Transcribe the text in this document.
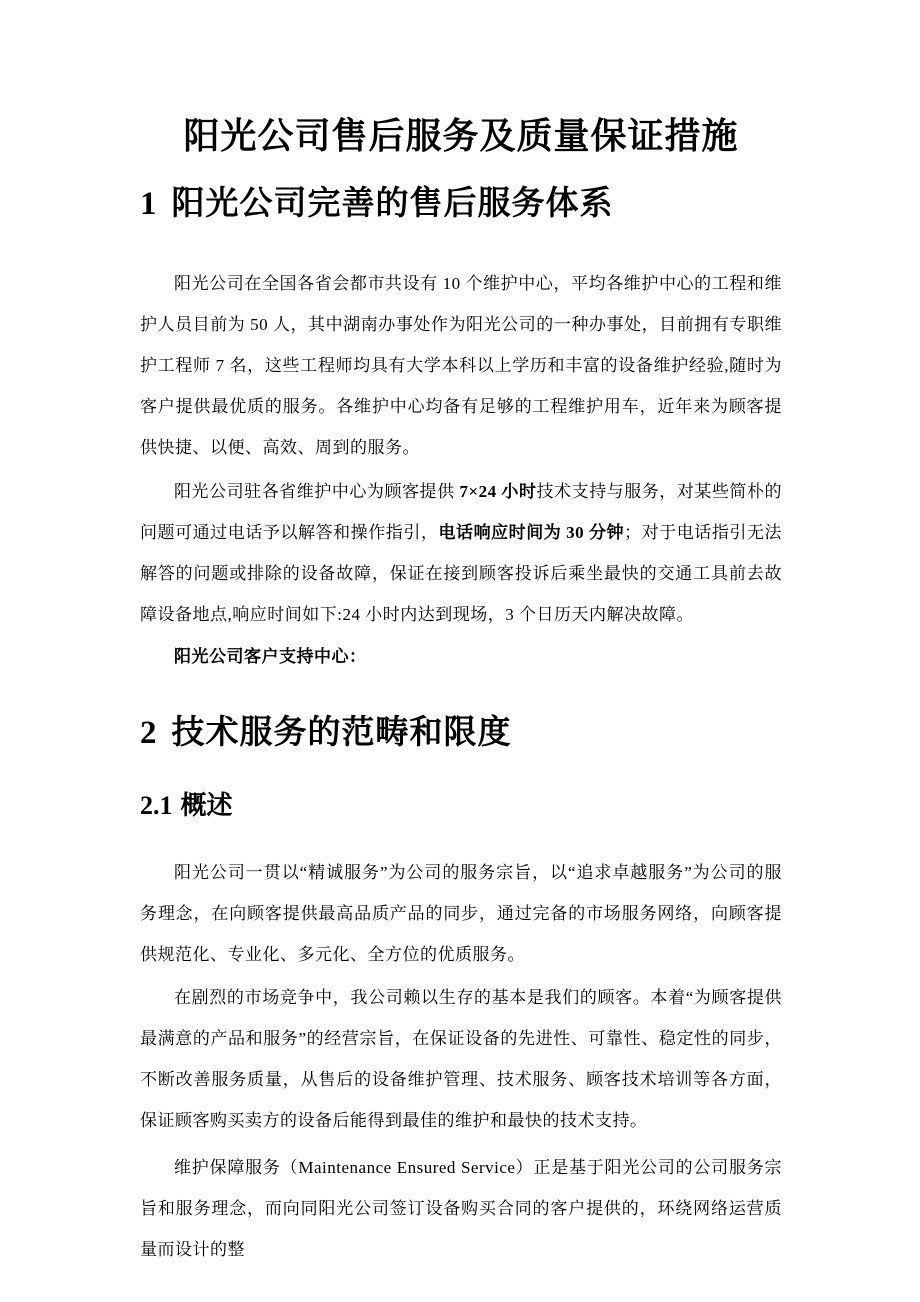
阳光公司售后服务及质量保证措施
1 阳光公司完善的售后服务体系

阳光公司在全国各省会都市共设有 10 个维护中心，平均各维护中心的工程和维护人员目前为 50 人，其中湖南办事处作为阳光公司的一种办事处，目前拥有专职维护工程师 7 名，这些工程师均具有大学本科以上学历和丰富的设备维护经验,随时为客户提供最优质的服务。各维护中心均备有足够的工程维护用车，近年来为顾客提供快捷、以便、高效、周到的服务。

阳光公司驻各省维护中心为顾客提供 7×24 小时技术支持与服务，对某些简朴的问题可通过电话予以解答和操作指引，电话响应时间为 30 分钟；对于电话指引无法解答的问题或排除的设备故障，保证在接到顾客投诉后乘坐最快的交通工具前去故障设备地点,响应时间如下:24 小时内达到现场，3 个日历天内解决故障。

阳光公司客户支持中心：

2 技术服务的范畴和限度
2.1 概述

阳光公司一贯以“精诚服务”为公司的服务宗旨，以“追求卓越服务”为公司的服务理念，在向顾客提供最高品质产品的同步，通过完备的市场服务网络，向顾客提供规范化、专业化、多元化、全方位的优质服务。

在剧烈的市场竞争中，我公司赖以生存的基本是我们的顾客。本着“为顾客提供最满意的产品和服务”的经营宗旨，在保证设备的先进性、可靠性、稳定性的同步，不断改善服务质量，从售后的设备维护管理、技术服务、顾客技术培训等各方面，保证顾客购买卖方的设备后能得到最佳的维护和最快的技术支持。

维护保障服务（Maintenance Ensured Service）正是基于阳光公司的公司服务宗旨和服务理念，而向同阳光公司签订设备购买合同的客户提供的，环绕网络运营质量而设计的整
